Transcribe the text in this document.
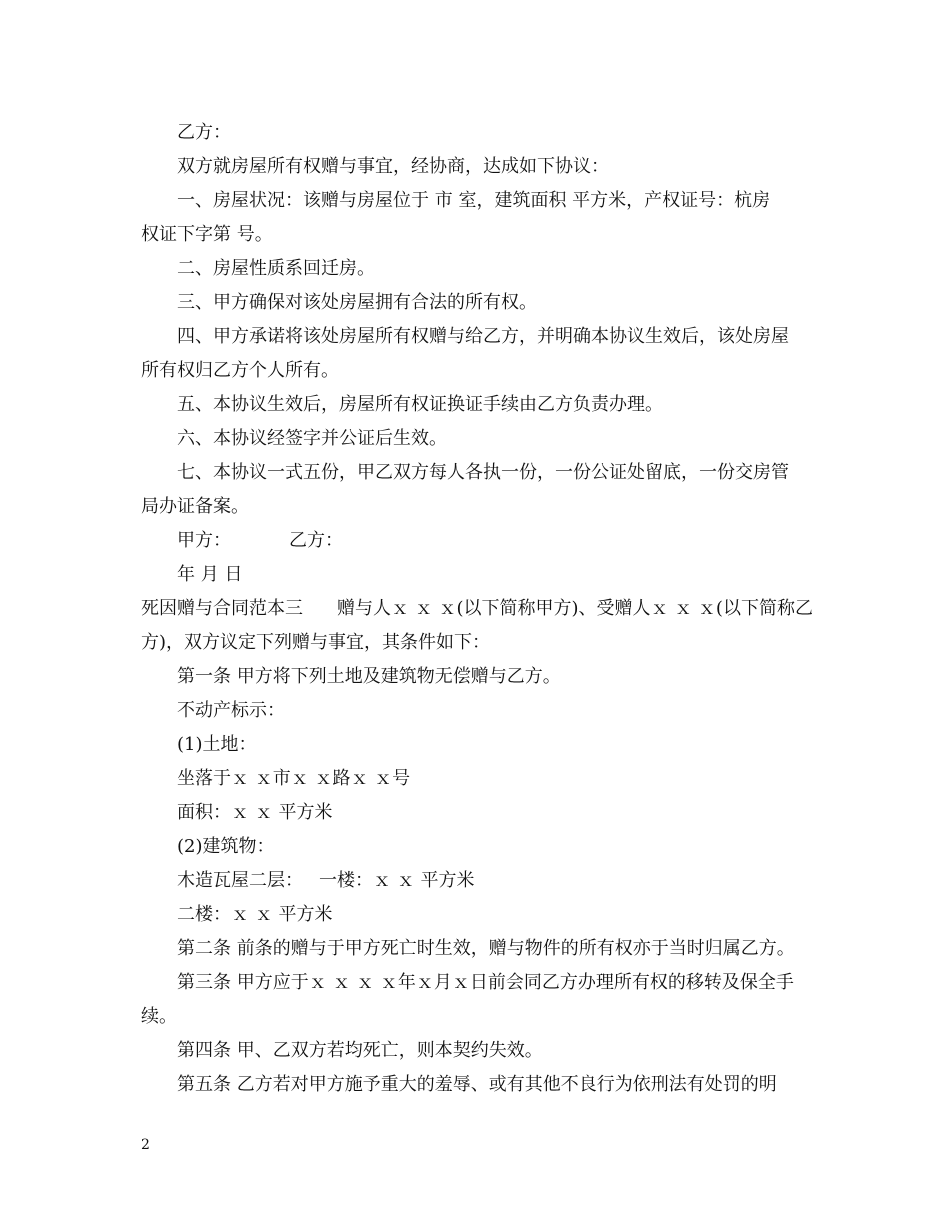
乙方：

双方就房屋所有权赠与事宜，经协商，达成如下协议：

一、房屋状况：该赠与房屋位于 市 室，建筑面积 平方米，产权证号：杭房

权证下字第 号。

二、房屋性质系回迁房。

三、甲方确保对该处房屋拥有合法的所有权。

四、甲方承诺将该处房屋所有权赠与给乙方，并明确本协议生效后，该处房屋

所有权归乙方个人所有。

五、本协议生效后，房屋所有权证换证手续由乙方负责办理。

六、本协议经签字并公证后生效。

七、本协议一式五份，甲乙双方每人各执一份，一份公证处留底，一份交房管

局办证备案。

甲方：	乙方：

年 月 日

死因赠与合同范本三 赠与人ｘ ｘ ｘ(以下简称甲方)、受赠人ｘ ｘ ｘ(以下简称乙

方)，双方议定下列赠与事宜，其条件如下：

第一条 甲方将下列土地及建筑物无偿赠与乙方。

不动产标示：

(1)土地：

坐落于ｘ ｘ市ｘ ｘ路ｘ ｘ号

面积：ｘ ｘ 平方米

(2)建筑物：

木造瓦屋二层： 一楼：ｘ ｘ 平方米

二楼：ｘ ｘ 平方米

第二条 前条的赠与于甲方死亡时生效，赠与物件的所有权亦于当时归属乙方。

第三条 甲方应于ｘ ｘ ｘ ｘ年ｘ月ｘ日前会同乙方办理所有权的移转及保全手

续。

第四条 甲、乙双方若均死亡，则本契约失效。

第五条 乙方若对甲方施予重大的羞辱、或有其他不良行为依刑法有处罚的明

2
